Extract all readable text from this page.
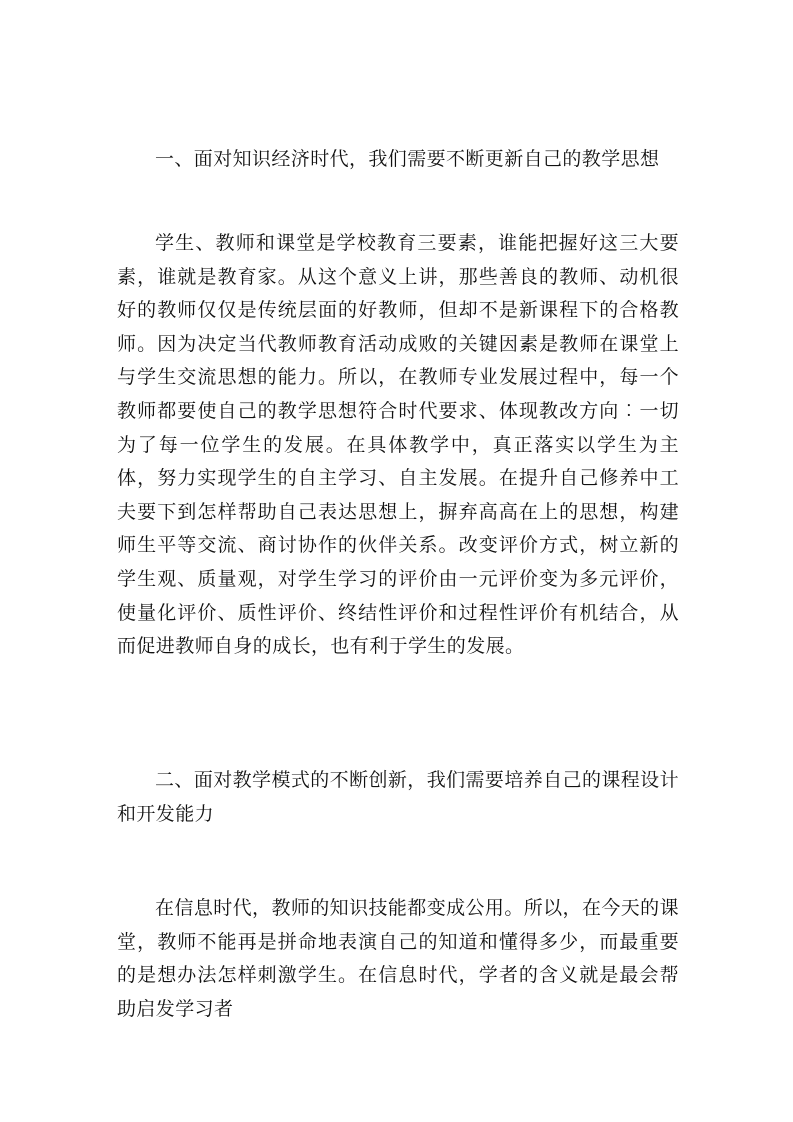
一、面对知识经济时代，我们需要不断更新自己的教学思想

学生、教师和课堂是学校教育三要素，谁能把握好这三大要素，谁就是教育家。从这个意义上讲，那些善良的教师、动机很好的教师仅仅是传统层面的好教师，但却不是新课程下的合格教师。因为决定当代教师教育活动成败的关键因素是教师在课堂上与学生交流思想的能力。所以，在教师专业发展过程中，每一个教师都要使自己的教学思想符合时代要求、体现教改方向︰一切为了每一位学生的发展。在具体教学中，真正落实以学生为主体，努力实现学生的自主学习、自主发展。在提升自己修养中工夫要下到怎样帮助自己表达思想上，摒弃高高在上的思想，构建师生平等交流、商讨协作的伙伴关系。改变评价方式，树立新的学生观、质量观，对学生学习的评价由一元评价变为多元评价，使量化评价、质性评价、终结性评价和过程性评价有机结合，从而促进教师自身的成长，也有利于学生的发展。

二、面对教学模式的不断创新，我们需要培养自己的课程设计和开发能力

在信息时代，教师的知识技能都变成公用。所以，在今天的课堂，教师不能再是拼命地表演自己的知道和懂得多少，而最重要的是想办法怎样刺激学生。在信息时代，学者的含义就是最会帮助启发学习者
